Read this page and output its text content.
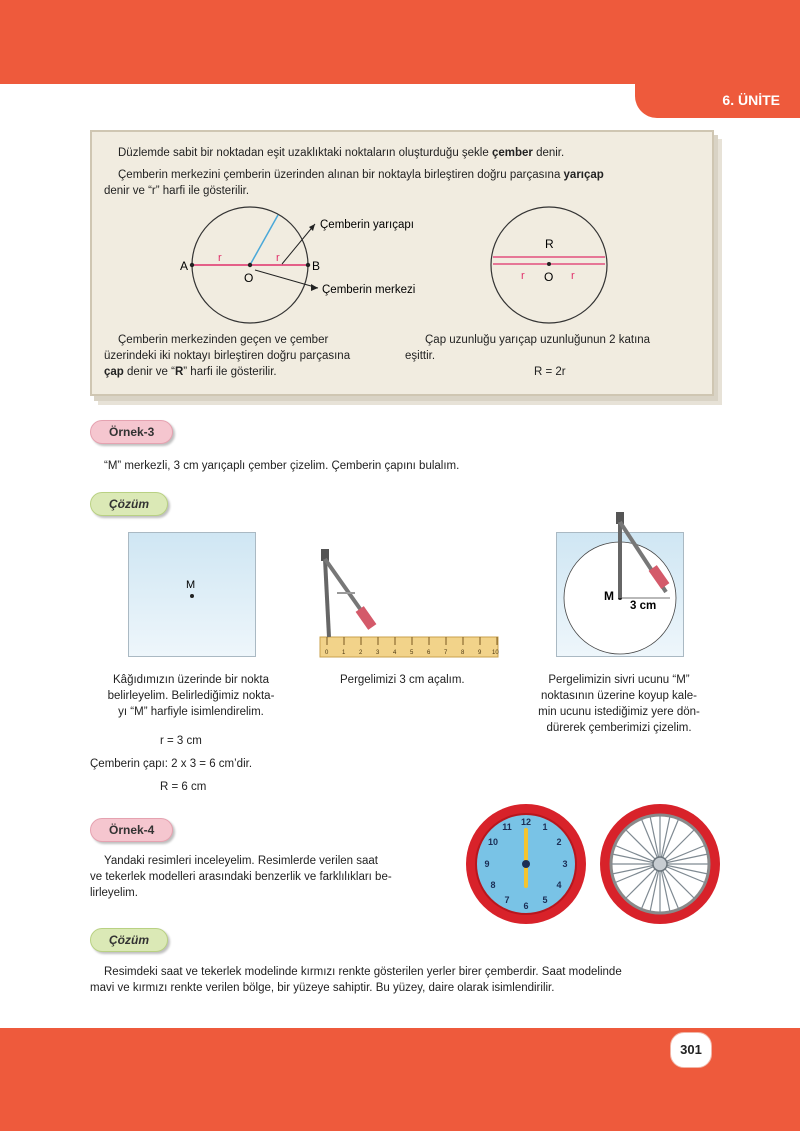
6. ÜNİTE

Düzlemde sabit bir noktadan eşit uzaklıktaki noktaların oluşturduğu şekle çember denir.

Çemberin merkezini çemberin üzerinden alınan bir noktayla birleştiren doğru parçasına yarıçap

denir ve “r” harfi ile gösterilir.

A	B
O
r	r
Çemberin yarıçapı
Çemberin merkezi
R
O
r	r

Çemberin merkezinden geçen ve çember

üzerindeki iki noktayı birleştiren doğru parçasına

çap denir ve “R” harfi ile gösterilir.

Çap uzunluğu yarıçap uzunluğunun 2 katına

eşittir.

R = 2r

Örnek-3

“M” merkezli, 3 cm yarıçaplı çember çizelim. Çemberin çapını bulalım.

Çözüm
M
0 1 2 3 4 5 6 7 8 9 10
M
3 cm

Kâğıdımızın üzerinde bir nokta
belirleyelim. Belirlediğimiz nokta-
yı “M” harfiyle isimlendirelim.

Pergelimizi 3 cm açalım.	Pergelimizin sivri ucunu “M”
noktasının üzerine koyup kale-
min ucunu istediğimiz yere dön-
dürerek çemberimizi çizelim.

r = 3 cm

Çemberin çapı: 2 x 3 = 6 cm’dir.

R = 6 cm

Örnek-4

Yandaki resimleri inceleyelim. Resimlerde verilen saat

ve tekerlek modelleri arasındaki benzerlik ve farklılıkları be-

lirleyelim.

12 1
2
3
4
5
6
7
8
9
10
11
Çözüm

Resimdeki saat ve tekerlek modelinde kırmızı renkte gösterilen yerler birer çemberdir. Saat modelinde

mavi ve kırmızı renkte verilen bölge, bir yüzeye sahiptir. Bu yüzey, daire olarak isimlendirilir.

301
